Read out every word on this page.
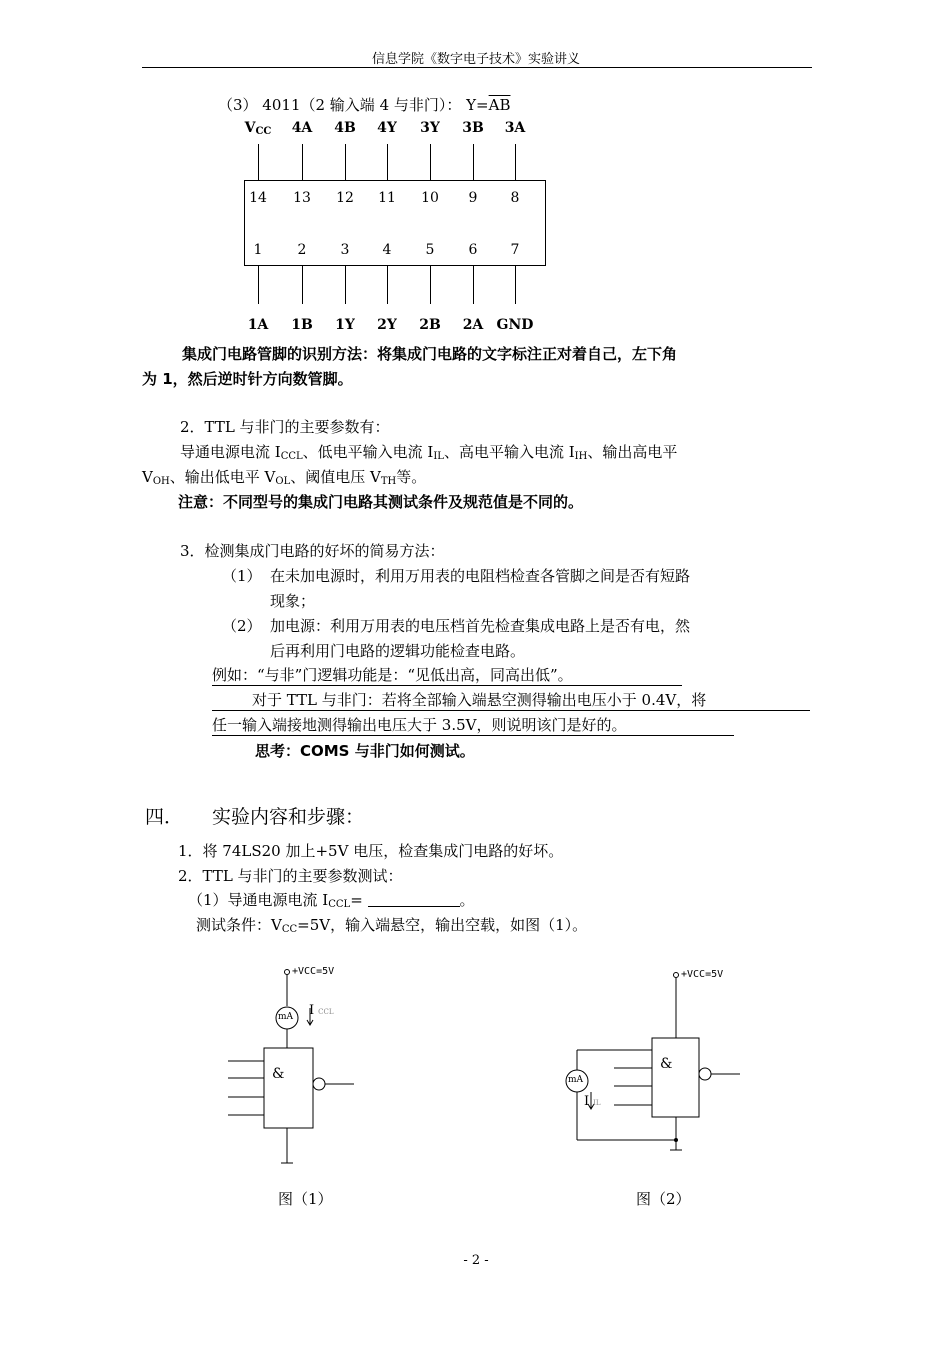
信息学院《数字电子技术》实验讲义
（3） 4011（2 输入端 4 与非门）： $Y=\overline{AB}$
$V_{CC}$	4A	4B	4Y	3Y	3B	3A
14 13 12 11 10	9	8
1	2	3	4	5	6	7
1A	1B	1Y	2Y	2B	2A GND
集成门电路管脚的识别方法：将集成门电路的文字标注正对着自己，左下角
为 1，然后逆时针方向数管脚。
2．TTL 与非门的主要参数有：
导通电源电流 $I_{CCL}$、低电平输入电流 $I_{IL}$、高电平输入电流 $I_{IH}$、输出高电平
$V_{OH}$、输出低电平 $V_{OL}$、阈值电压 $V_{TH}$等。
注意：不同型号的集成门电路其测试条件及规范值是不同的。
3．检测集成门电路的好坏的简易方法：
（1） 在未加电源时，利用万用表的电阻档检查各管脚之间是否有短路
现象；
（2） 加电源：利用万用表的电压档首先检查集成电路上是否有电，然
后再利用门电路的逻辑功能检查电路。
例如：“与非”门逻辑功能是：“见低出高，同高出低”。
对于 TTL 与非门：若将全部输入端悬空测得输出电压小于 0.4V，将
任一输入端接地测得输出电压大于 3.5V，则说明该门是好的。
思考：COMS 与非门如何测试。
四． 实验内容和步骤：
1．将 74LS20 加上+5V 电压，检查集成门电路的好坏。
2．TTL 与非门的主要参数测试：
（1）导通电源电流 $I_{CCL}=$	。
测试条件：$V_{CC}=5V$，输入端悬空，输出空载，如图（1）。
+VCC=5V
mA ICCL
&
图（1）
+VCC=5V
mA
IIL
&
图（2）
- 2 -
